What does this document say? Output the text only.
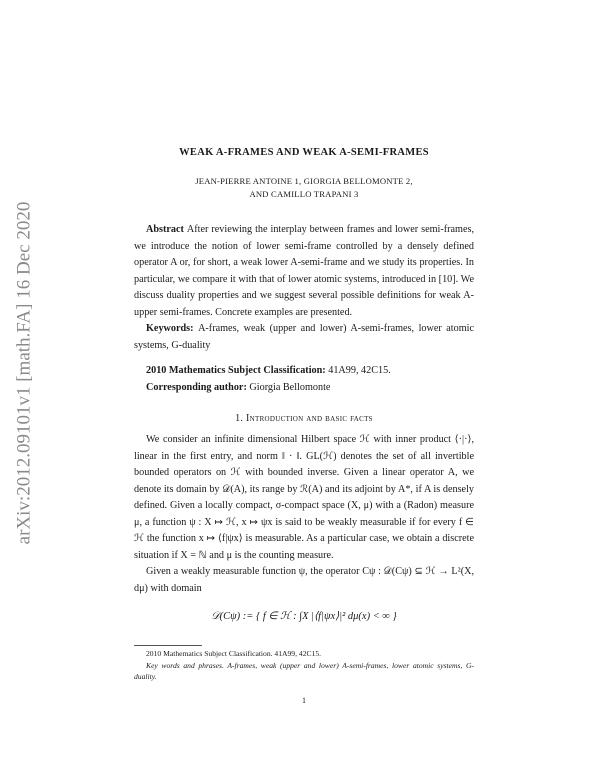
arXiv:2012.09101v1 [math.FA] 16 Dec 2020
WEAK A-FRAMES AND WEAK A-SEMI-FRAMES
JEAN-PIERRE ANTOINE 1, GIORGIA BELLOMONTE 2,
AND CAMILLO TRAPANI 3

Abstract After reviewing the interplay between frames and lower semi-frames, we introduce the notion of lower semi-frame controlled by a densely defined operator A or, for short, a weak lower A-semi-frame and we study its properties. In particular, we compare it with that of lower atomic systems, introduced in [10]. We discuss duality properties and we suggest several possible definitions for weak A-upper semi-frames. Concrete examples are presented.

Keywords: A-frames, weak (upper and lower) A-semi-frames, lower atomic systems, G-duality

2010 Mathematics Subject Classification: 41A99, 42C15.

Corresponding author: Giorgia Bellomonte

1. Introduction and basic facts

We consider an infinite dimensional Hilbert space ℋ with inner product ⟨·|·⟩, linear in the first entry, and norm ‖ · ‖. GL(ℋ) denotes the set of all invertible bounded operators on ℋ with bounded inverse. Given a linear operator A, we denote its domain by 𝒟(A), its range by ℛ(A) and its adjoint by A*, if A is densely defined. Given a locally compact, σ-compact space (X, μ) with a (Radon) measure μ, a function ψ : X ↦ ℋ, x ↦ ψx is said to be weakly measurable if for every f ∈ ℋ the function x ↦ ⟨f|ψx⟩ is measurable. As a particular case, we obtain a discrete situation if X = ℕ and μ is the counting measure.

Given a weakly measurable function ψ, the operator Cψ : 𝒟(Cψ) ⊆ ℋ → L²(X, dμ) with domain

𝒟(Cψ) := { f ∈ ℋ : ∫X |⟨f|ψx⟩|² dμ(x) < ∞ }

2010 Mathematics Subject Classification. 41A99, 42C15.

Key words and phrases. A-frames, weak (upper and lower) A-semi-frames, lower atomic systems, G-duality.

1
